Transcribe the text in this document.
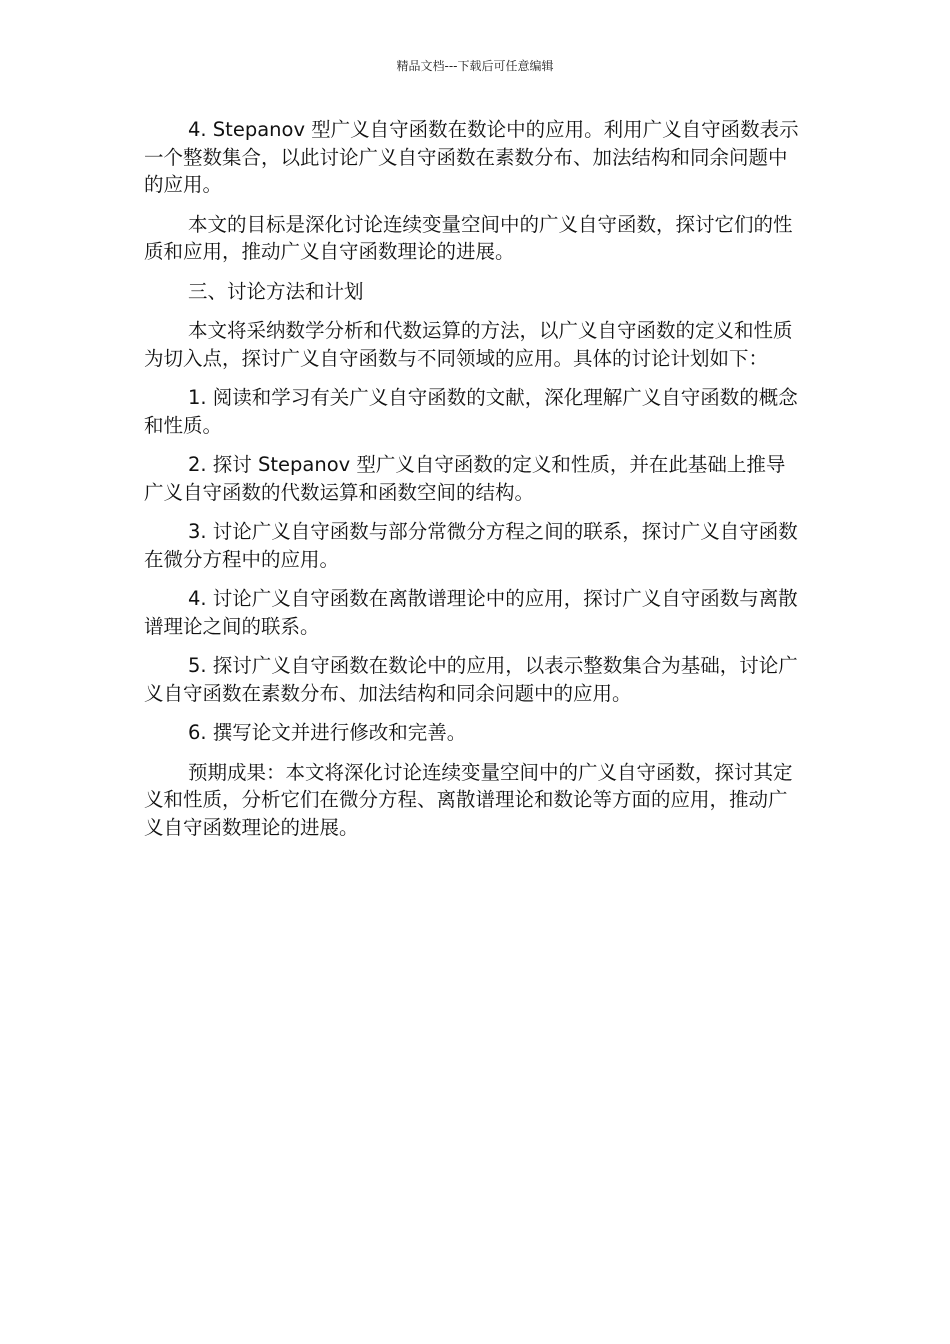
精品文档---下载后可任意编辑

4. Stepanov 型广义自守函数在数论中的应用。利用广义自守函数表示一个整数集合，以此讨论广义自守函数在素数分布、加法结构和同余问题中的应用。

本文的目标是深化讨论连续变量空间中的广义自守函数，探讨它们的性质和应用，推动广义自守函数理论的进展。

三、讨论方法和计划

本文将采纳数学分析和代数运算的方法，以广义自守函数的定义和性质为切入点，探讨广义自守函数与不同领域的应用。具体的讨论计划如下：

1. 阅读和学习有关广义自守函数的文献，深化理解广义自守函数的概念和性质。

2. 探讨 Stepanov 型广义自守函数的定义和性质，并在此基础上推导广义自守函数的代数运算和函数空间的结构。

3. 讨论广义自守函数与部分常微分方程之间的联系，探讨广义自守函数在微分方程中的应用。

4. 讨论广义自守函数在离散谱理论中的应用，探讨广义自守函数与离散谱理论之间的联系。

5. 探讨广义自守函数在数论中的应用，以表示整数集合为基础，讨论广义自守函数在素数分布、加法结构和同余问题中的应用。

6. 撰写论文并进行修改和完善。

预期成果：本文将深化讨论连续变量空间中的广义自守函数，探讨其定义和性质，分析它们在微分方程、离散谱理论和数论等方面的应用，推动广义自守函数理论的进展。
